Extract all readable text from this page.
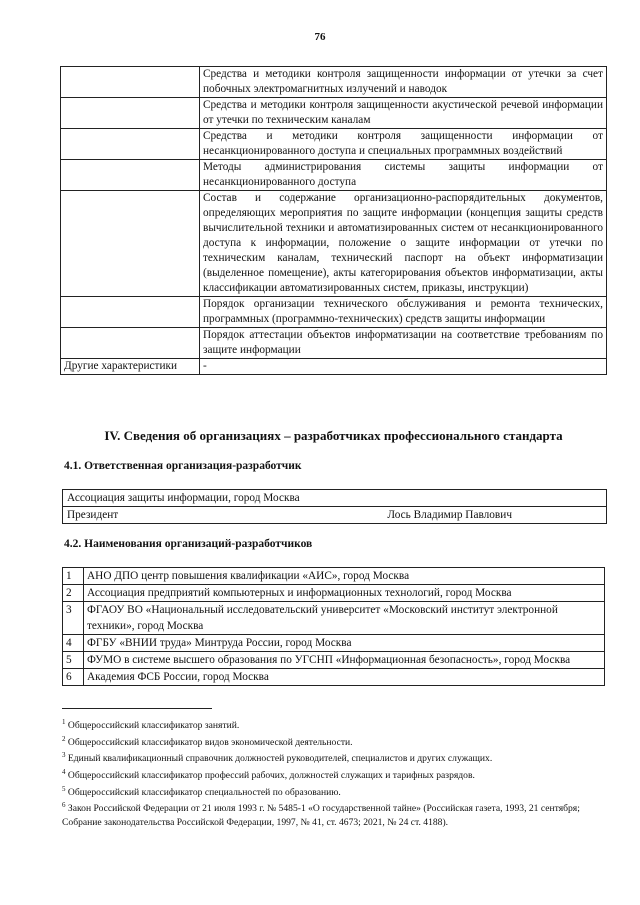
76
	Средства и методики контроля защищенности информации от утечки за счет побочных электромагнитных излучений и наводок
	Средства и методики контроля защищенности акустической речевой информации от утечки по техническим каналам
	Средства и методики контроля защищенности информации от несанкционированного доступа и специальных программных воздействий
	Методы администрирования системы защиты информации от несанкционированного доступа
	Состав и содержание организационно-распорядительных документов, определяющих мероприятия по защите информации (концепция защиты средств вычислительной техники и автоматизированных систем от несанкционированного доступа к информации, положение о защите информации от утечки по техническим каналам, технический паспорт на объект информатизации (выделенное помещение), акты категорирования объектов информатизации, акты классификации автоматизированных систем, приказы, инструкции)
	Порядок организации технического обслуживания и ремонта технических, программных (программно-технических) средств защиты информации
	Порядок аттестации объектов информатизации на соответствие требованиям по защите информации
Другие характеристики	-
IV. Сведения об организациях – разработчиках профессионального стандарта
4.1. Ответственная организация-разработчик
Ассоциация защиты информации, город Москва

Президент	Лось Владимир Павлович
4.2. Наименования организаций-разработчиков
1	АНО ДПО центр повышения квалификации «АИС», город Москва
2	Ассоциация предприятий компьютерных и информационных технологий, город Москва
3	ФГАОУ ВО «Национальный исследовательский университет «Московский институт электронной техники», город Москва
4	ФГБУ «ВНИИ труда» Минтруда России, город Москва
5	ФУМО в системе высшего образования по УГСНП «Информационная безопасность», город Москва
6	Академия ФСБ России, город Москва

$^1$ Общероссийский классификатор занятий.

$^2$ Общероссийский классификатор видов экономической деятельности.

$^3$ Единый квалификационный справочник должностей руководителей, специалистов и других служащих.

$^4$ Общероссийский классификатор профессий рабочих, должностей служащих и тарифных разрядов.

$^5$ Общероссийский классификатор специальностей по образованию.

$^6$ Закон Российской Федерации от 21 июля 1993 г. № 5485-1 «О государственной тайне» (Российская газета, 1993, 21 сентября; Собрание законодательства Российской Федерации, 1997, № 41, ст. 4673; 2021, № 24 ст. 4188).
